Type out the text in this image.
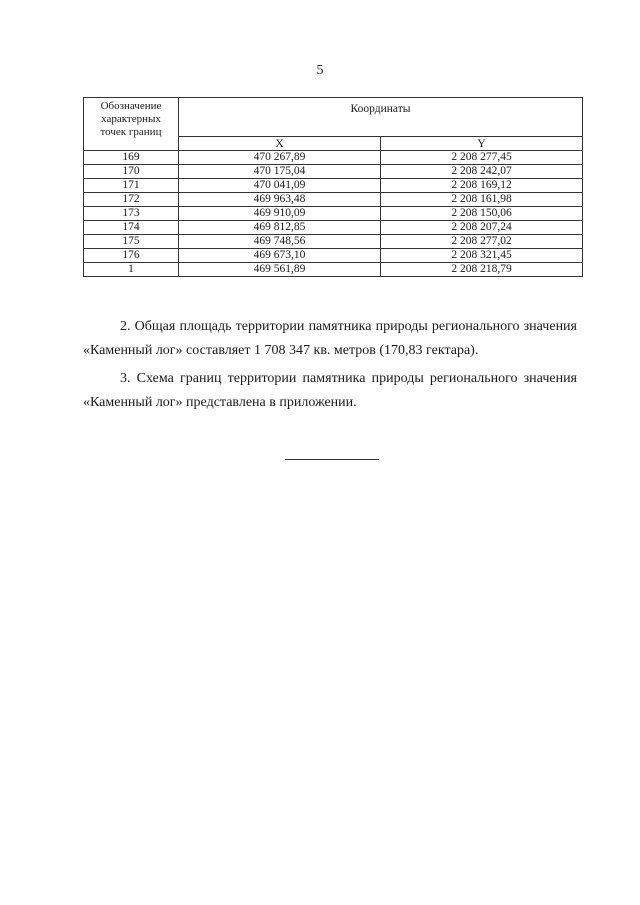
5
Обозначение
характерных
точек границ	Координаты	
	X	Y
169	470 267,89	2 208 277,45
170	470 175,04	2 208 242,07
171	470 041,09	2 208 169,12
172	469 963,48	2 208 161,98
173	469 910,09	2 208 150,06
174	469 812,85	2 208 207,24
175	469 748,56	2 208 277,02
176	469 673,10	2 208 321,45
1	469 561,89	2 208 218,79

2. Общая площадь территории памятника природы регионального значения «Каменный лог» составляет 1 708 347 кв. метров (170,83 гектара).

3. Схема границ территории памятника природы регионального значения «Каменный лог» представлена в приложении.
